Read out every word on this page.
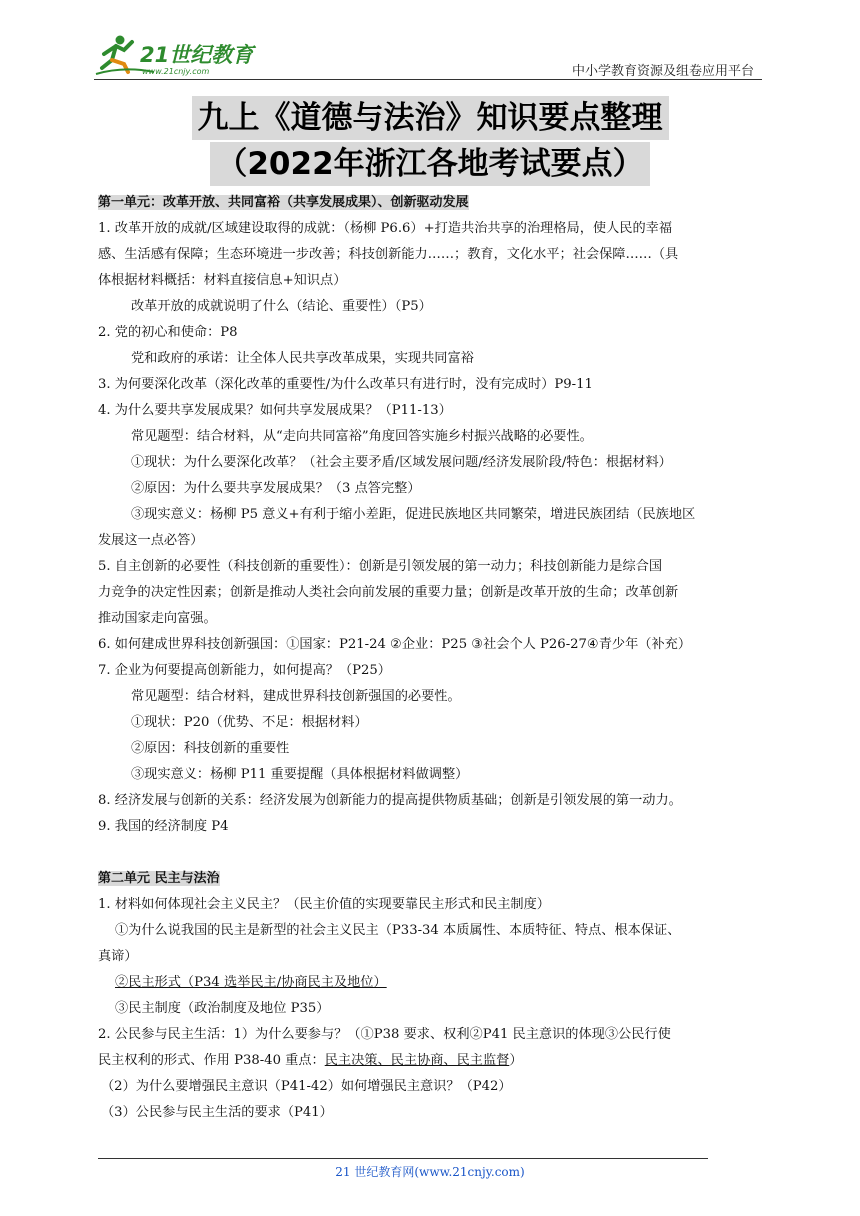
21世纪教育
www.21cnjy.com	中小学教育资源及组卷应用平台
九上《道德与法治》知识要点整理
（2022年浙江各地考试要点）
第一单元：改革开放、共同富裕（共享发展成果）、创新驱动发展
1. 改革开放的成就/区域建设取得的成就：（杨柳 P6.6）+打造共治共享的治理格局，使人民的幸福
感、生活感有保障；生态环境进一步改善；科技创新能力……；教育，文化水平；社会保障……（具
体根据材料概括：材料直接信息+知识点）
改革开放的成就说明了什么（结论、重要性）（P5）
2. 党的初心和使命：P8
党和政府的承诺：让全体人民共享改革成果，实现共同富裕
3. 为何要深化改革（深化改革的重要性/为什么改革只有进行时，没有完成时）P9-11
4. 为什么要共享发展成果？如何共享发展成果？（P11-13）
常见题型：结合材料，从“走向共同富裕”角度回答实施乡村振兴战略的必要性。
①现状：为什么要深化改革？（社会主要矛盾/区域发展问题/经济发展阶段/特色：根据材料）
②原因：为什么要共享发展成果？（3 点答完整）
③现实意义：杨柳 P5 意义+有利于缩小差距，促进民族地区共同繁荣，增进民族团结（民族地区
发展这一点必答）
5. 自主创新的必要性（科技创新的重要性）：创新是引领发展的第一动力；科技创新能力是综合国
力竞争的决定性因素；创新是推动人类社会向前发展的重要力量；创新是改革开放的生命；改革创新
推动国家走向富强。
6. 如何建成世界科技创新强国：①国家：P21-24 ②企业：P25 ③社会个人 P26-27④青少年（补充）
7. 企业为何要提高创新能力，如何提高？（P25）
常见题型：结合材料，建成世界科技创新强国的必要性。
①现状：P20（优势、不足：根据材料）
②原因：科技创新的重要性
③现实意义：杨柳 P11 重要提醒（具体根据材料做调整）
8. 经济发展与创新的关系：经济发展为创新能力的提高提供物质基础；创新是引领发展的第一动力。
9. 我国的经济制度 P4
第二单元 民主与法治
1. 材料如何体现社会主义民主？（民主价值的实现要靠民主形式和民主制度）
①为什么说我国的民主是新型的社会主义民主（P33-34 本质属性、本质特征、特点、根本保证、
真谛）
②民主形式（P34 选举民主/协商民主及地位）
③民主制度（政治制度及地位 P35）
2. 公民参与民主生活：1）为什么要参与？（①P38 要求、权利②P41 民主意识的体现③公民行使
民主权利的形式、作用 P38-40 重点：民主决策、民主协商、民主监督）
（2）为什么要增强民主意识（P41-42）如何增强民主意识？（P42）
（3）公民参与民主生活的要求（P41）
21 世纪教育网(www.21cnjy.com)
